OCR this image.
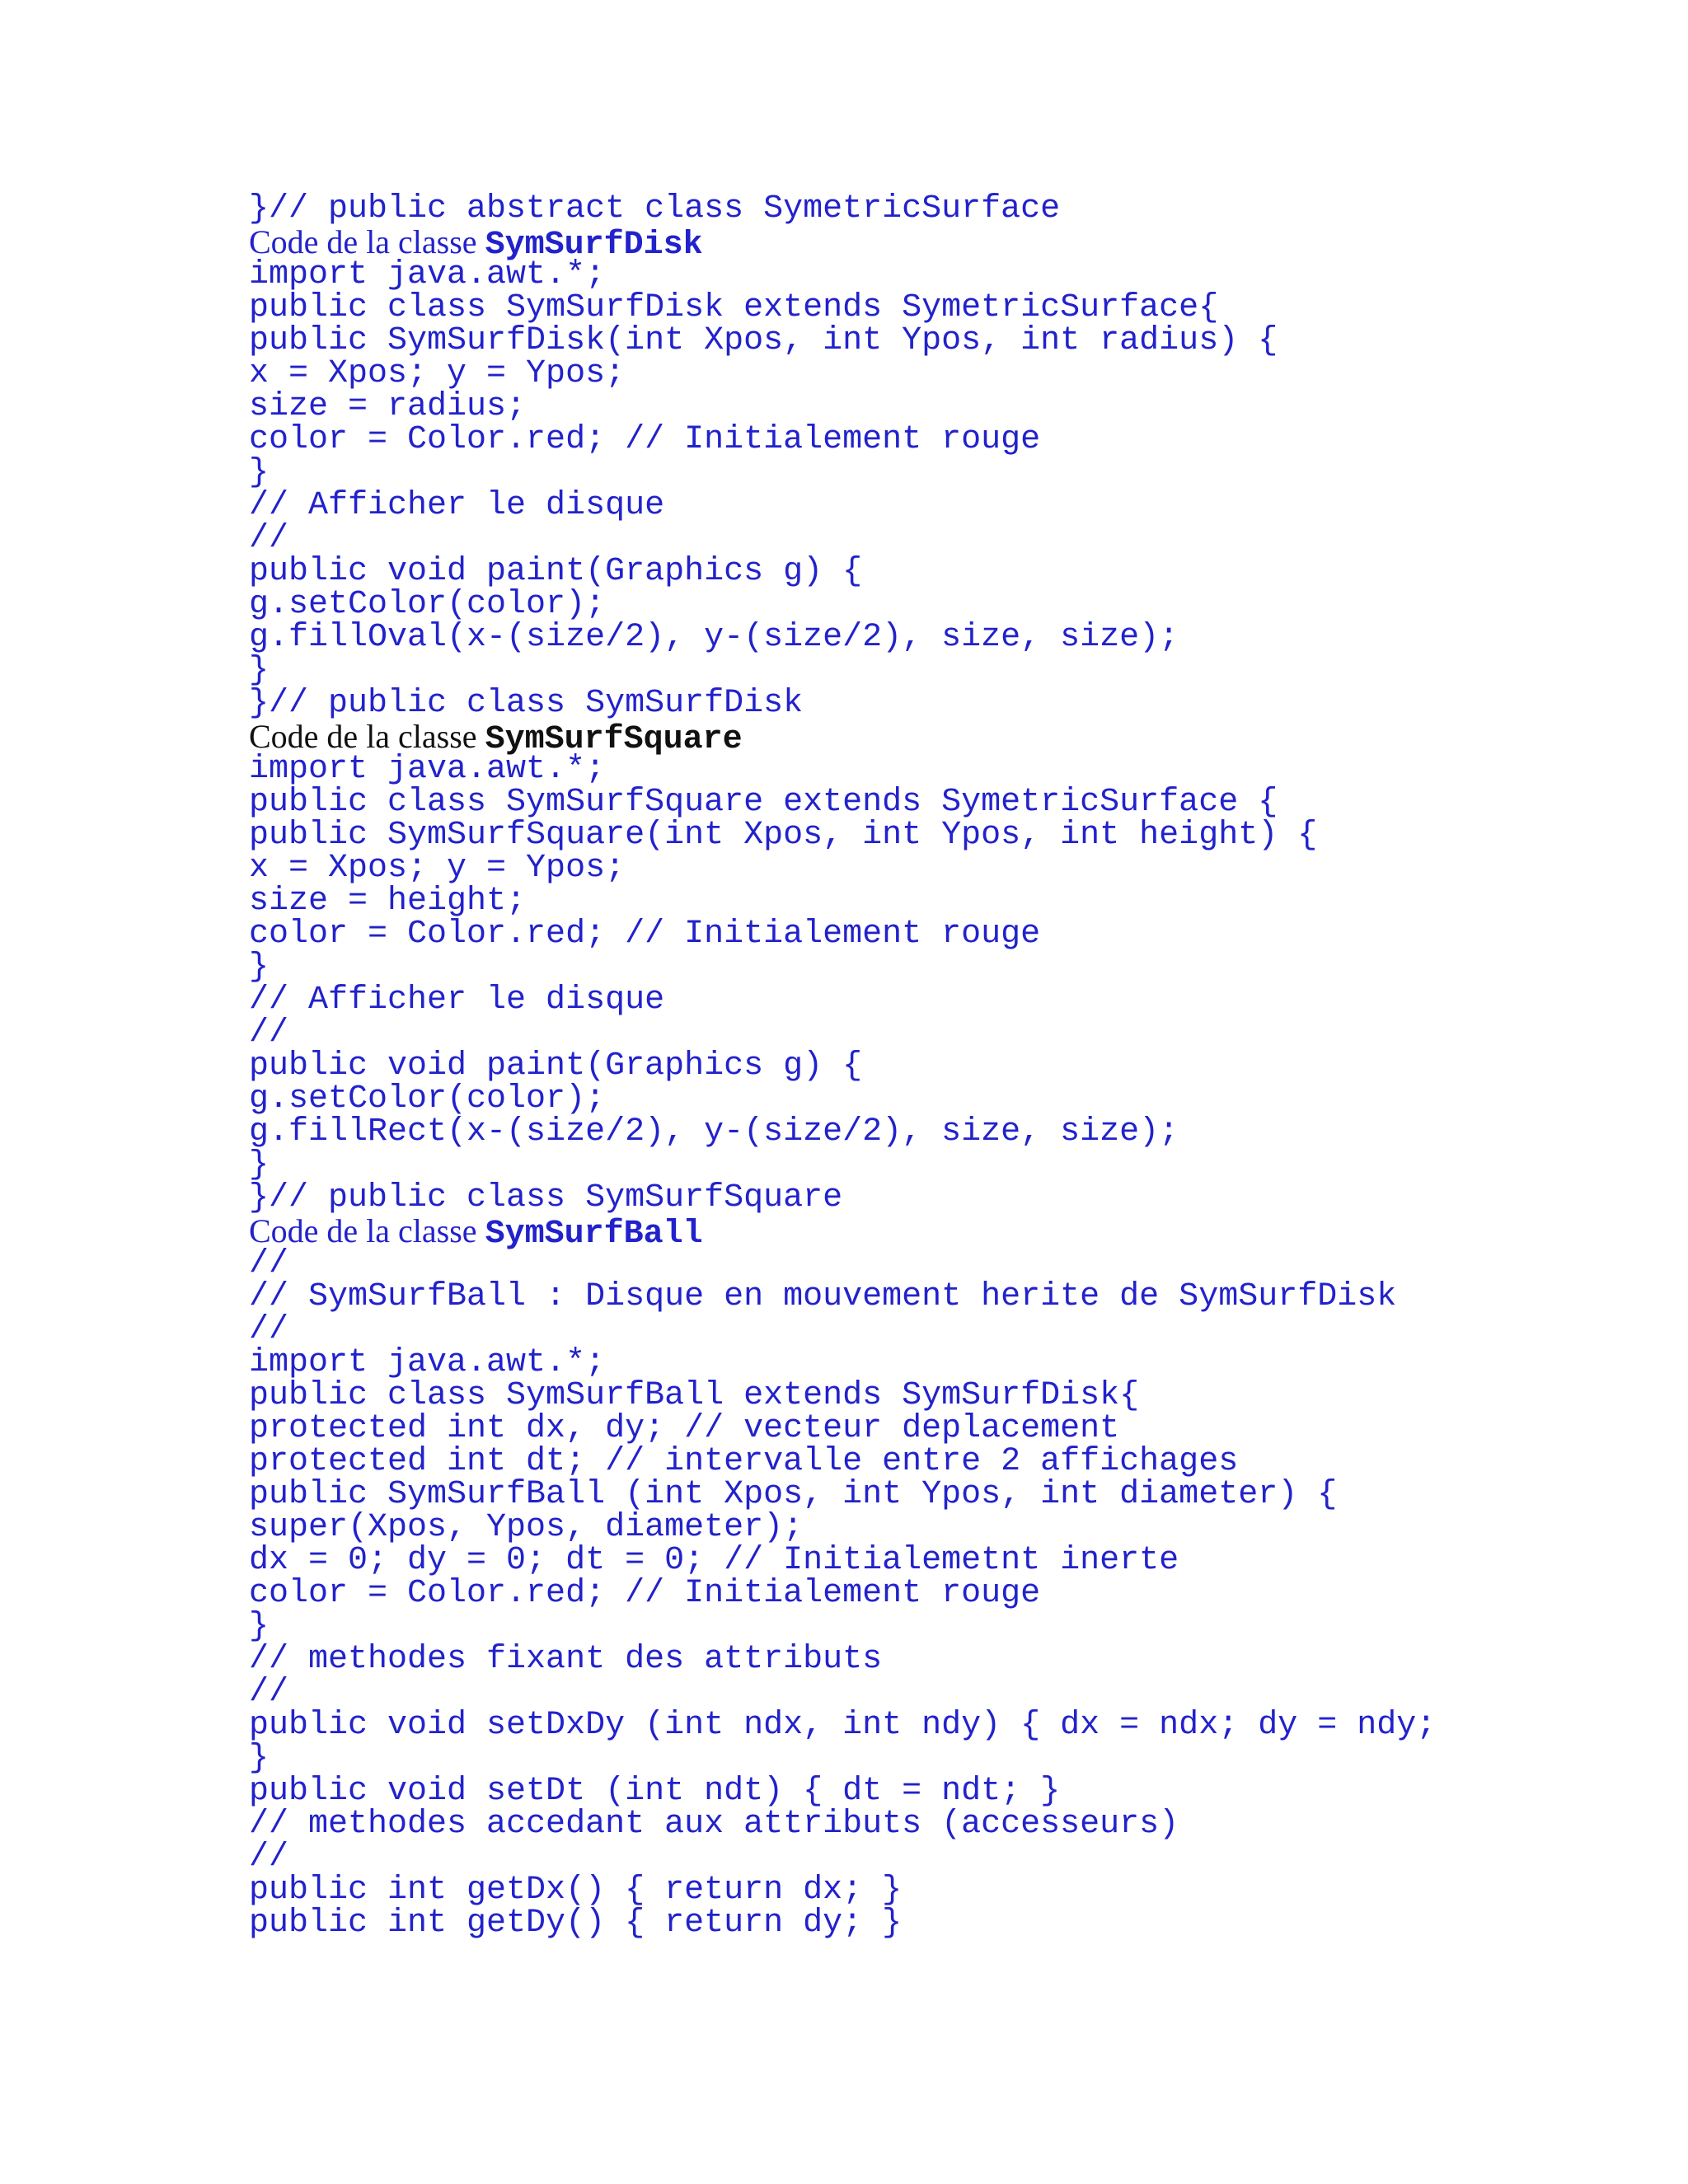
}// public abstract class SymetricSurface
Code de la classe SymSurfDisk
import java.awt.*;
public class SymSurfDisk extends SymetricSurface{
public SymSurfDisk(int Xpos, int Ypos, int radius) {
x = Xpos; y = Ypos;
size = radius;
color = Color.red; // Initialement rouge
}
// Afficher le disque
//
public void paint(Graphics g) {
g.setColor(color);
g.fillOval(x-(size/2), y-(size/2), size, size);
}
}// public class SymSurfDisk
Code de la classe SymSurfSquare
import java.awt.*;
public class SymSurfSquare extends SymetricSurface {
public SymSurfSquare(int Xpos, int Ypos, int height) {
x = Xpos; y = Ypos;
size = height;
color = Color.red; // Initialement rouge
}
// Afficher le disque
//
public void paint(Graphics g) {
g.setColor(color);
g.fillRect(x-(size/2), y-(size/2), size, size);
}
}// public class SymSurfSquare
Code de la classe SymSurfBall
//
// SymSurfBall : Disque en mouvement herite de SymSurfDisk
//
import java.awt.*;
public class SymSurfBall extends SymSurfDisk{
protected int dx, dy; // vecteur deplacement
protected int dt; // intervalle entre 2 affichages
public SymSurfBall (int Xpos, int Ypos, int diameter) {
super(Xpos, Ypos, diameter);
dx = 0; dy = 0; dt = 0; // Initialemetnt inerte
color = Color.red; // Initialement rouge
}
// methodes fixant des attributs
//
public void setDxDy (int ndx, int ndy) { dx = ndx; dy = ndy;
}
public void setDt (int ndt) { dt = ndt; }
// methodes accedant aux attributs (accesseurs)
//
public int getDx() { return dx; }
public int getDy() { return dy; }
